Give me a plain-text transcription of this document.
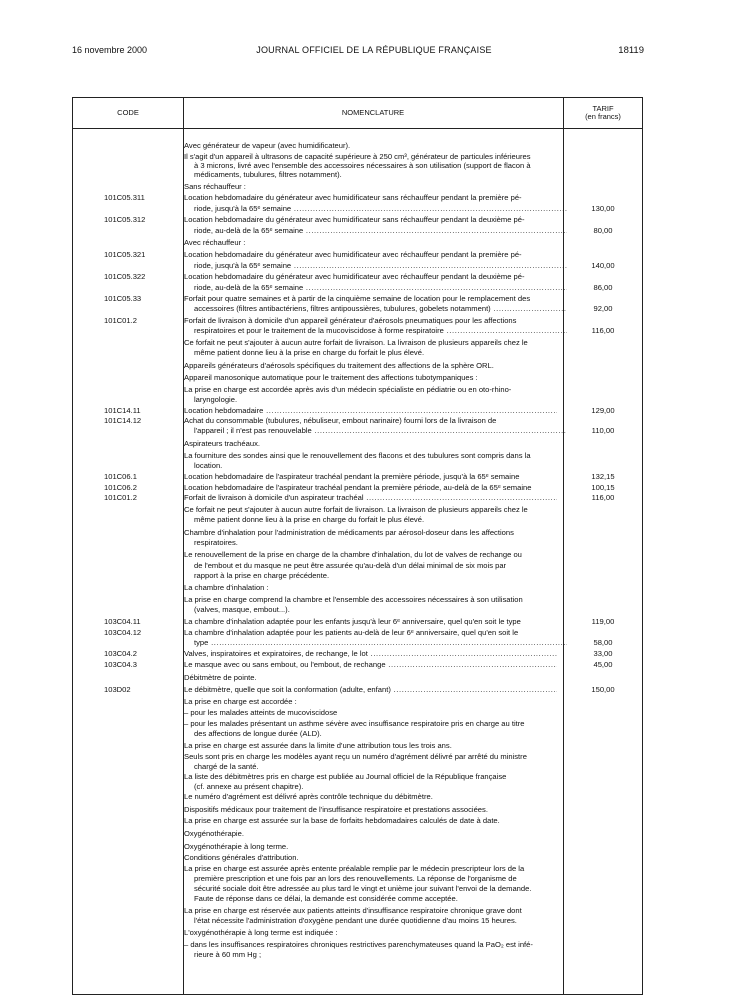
16 novembre 2000	JOURNAL OFFICIEL DE LA RÉPUBLIQUE FRANÇAISE	18119
CODE	NOMENCLATURE	TARIF
(en francs)
Avec générateur de vapeur (avec humidificateur).
Il s'agit d'un appareil à ultrasons de capacité supérieure à 250 cm³, générateur de particules inférieures
à 3 microns, livré avec l'ensemble des accessoires nécessaires à son utilisation (support de flacon à
médicaments, tubulures, filtres notamment).
Sans réchauffeur :
101C05.311	Location hebdomadaire du générateur avec humidificateur sans réchauffeur pendant la première pé-
riode, jusqu'à la 65ᵉ semaine .....	130,00
101C05.312	Location hebdomadaire du générateur avec humidificateur sans réchauffeur pendant la deuxième pé-
riode, au-delà de la 65ᵉ semaine .....	80,00
Avec réchauffeur :
101C05.321	Location hebdomadaire du générateur avec humidificateur avec réchauffeur pendant la première pé-
riode, jusqu'à la 65ᵉ semaine .....	140,00
101C05.322	Location hebdomadaire du générateur avec humidificateur avec réchauffeur pendant la deuxième pé-
riode, au-delà de la 65ᵉ semaine .....	86,00
101C05.33	Forfait pour quatre semaines et à partir de la cinquième semaine de location pour le remplacement des
accessoires (filtres antibactériens, filtres antipoussières, tubulures, gobelets notamment) .....	92,00
101C01.2	Forfait de livraison à domicile d'un appareil générateur d'aérosols pneumatiques pour les affections
respiratoires et pour le traitement de la mucoviscidose à forme respiratoire .....	116,00
Ce forfait ne peut s'ajouter à aucun autre forfait de livraison. La livraison de plusieurs appareils chez le
même patient donne lieu à la prise en charge du forfait le plus élevé.
Appareils générateurs d'aérosols spécifiques du traitement des affections de la sphère ORL.
Appareil manosonique automatique pour le traitement des affections tubotympaniques :
La prise en charge est accordée après avis d'un médecin spécialiste en pédiatrie ou en oto-rhino-
laryngologie.
101C14.11	Location hebdomadaire .....	129,00
101C14.12	Achat du consommable (tubulures, nébuliseur, embout narinaire) fourni lors de la livraison de
l'appareil ; il n'est pas renouvelable .....	110,00
Aspirateurs trachéaux.
La fourniture des sondes ainsi que le renouvellement des flacons et des tubulures sont compris dans la
location.
101C06.1	Location hebdomadaire de l'aspirateur trachéal pendant la première période, jusqu'à la 65ᵉ semaine	132,15
101C06.2	Location hebdomadaire de l'aspirateur trachéal pendant la première période, au-delà de la 65ᵉ semaine	100,15
101C01.2	Forfait de livraison à domicile d'un aspirateur trachéal .....	116,00
Ce forfait ne peut s'ajouter à aucun autre forfait de livraison. La livraison de plusieurs appareils chez le
même patient donne lieu à la prise en charge du forfait le plus élevé.
Chambre d'inhalation pour l'administration de médicaments par aérosol-doseur dans les affections
respiratoires.
Le renouvellement de la prise en charge de la chambre d'inhalation, du lot de valves de rechange ou
de l'embout et du masque ne peut être assurée qu'au-delà d'un délai minimal de six mois par
rapport à la prise en charge précédente.
La chambre d'inhalation :
La prise en charge comprend la chambre et l'ensemble des accessoires nécessaires à son utilisation
(valves, masque, embout...).
103C04.11	La chambre d'inhalation adaptée pour les enfants jusqu'à leur 6ᵉ anniversaire, quel qu'en soit le type	119,00
103C04.12	La chambre d'inhalation adaptée pour les patients au-delà de leur 6ᵉ anniversaire, quel qu'en soit le
type .....	58,00
103C04.2	Valves, inspiratoires et expiratoires, de rechange, le lot .....	33,00
103C04.3	Le masque avec ou sans embout, ou l'embout, de rechange .....	45,00
Débitmètre de pointe.
103D02	Le débitmètre, quelle que soit la conformation (adulte, enfant) .....	150,00
La prise en charge est accordée :
– pour les malades atteints de mucoviscidose
– pour les malades présentant un asthme sévère avec insuffisance respiratoire pris en charge au titre
des affections de longue durée (ALD).
La prise en charge est assurée dans la limite d'une attribution tous les trois ans.
Seuls sont pris en charge les modèles ayant reçu un numéro d'agrément délivré par arrêté du ministre
chargé de la santé.
La liste des débitmètres pris en charge est publiée au Journal officiel de la République française
(cf. annexe au présent chapitre).
Le numéro d'agrément est délivré après contrôle technique du débitmètre.
Dispositifs médicaux pour traitement de l'insuffisance respiratoire et prestations associées.
La prise en charge est assurée sur la base de forfaits hebdomadaires calculés de date à date.
Oxygénothérapie.
Oxygénothérapie à long terme.
Conditions générales d'attribution.
La prise en charge est assurée après entente préalable remplie par le médecin prescripteur lors de la
première prescription et une fois par an lors des renouvellements. La réponse de l'organisme de
sécurité sociale doit être adressée au plus tard le vingt et unième jour suivant l'envoi de la demande.
Faute de réponse dans ce délai, la demande est considérée comme acceptée.
La prise en charge est réservée aux patients atteints d'insuffisance respiratoire chronique grave dont
l'état nécessite l'administration d'oxygène pendant une durée quotidienne d'au moins 15 heures.
L'oxygénothérapie à long terme est indiquée :
– dans les insuffisances respiratoires chroniques restrictives parenchymateuses quand la PaO₂ est infé-
rieure à 60 mm Hg ;
